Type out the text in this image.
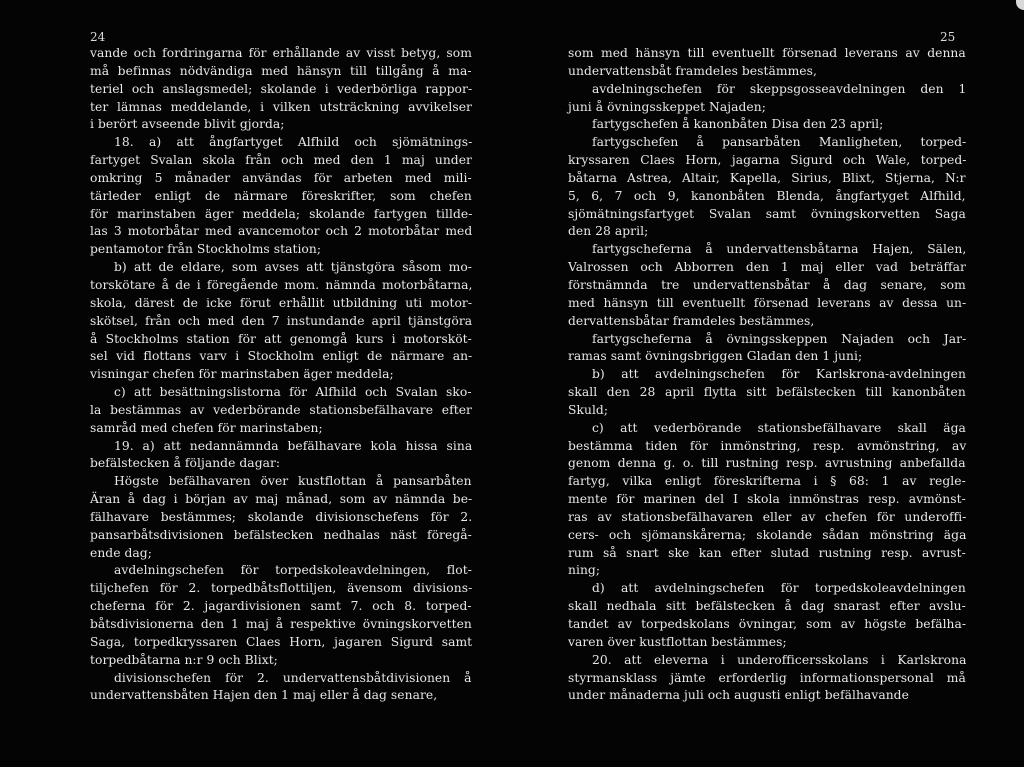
24
vande och fordringarna för erhållande av visst betyg, som
må befinnas nödvändiga med hänsyn till tillgång å ma-
teriel och anslagsmedel; skolande i vederbörliga rappor-
ter lämnas meddelande, i vilken utsträckning avvikelser
i berört avseende blivit gjorda;
18. a) att ångfartyget Alfhild och sjömätnings-
fartyget Svalan skola från och med den 1 maj under
omkring 5 månader användas för arbeten med mili-
tärleder enligt de närmare föreskrifter, som chefen
för marinstaben äger meddela; skolande fartygen tillde-
las 3 motorbåtar med avancemotor och 2 motorbåtar med
pentamotor från Stockholms station;
b) att de eldare, som avses att tjänstgöra såsom mo-
torskötare å de i föregående mom. nämnda motorbåtarna,
skola, därest de icke förut erhållit utbildning uti motor-
skötsel, från och med den 7 instundande april tjänstgöra
å Stockholms station för att genomgå kurs i motorsköt-
sel vid flottans varv i Stockholm enligt de närmare an-
visningar chefen för marinstaben äger meddela;
c) att besättningslistorna för Alfhild och Svalan sko-
la bestämmas av vederbörande stationsbefälhavare efter
samråd med chefen för marinstaben;
19. a) att nedannämnda befälhavare kola hissa sina
befälstecken å följande dagar:
Högste befälhavaren över kustflottan å pansarbåten
Äran å dag i början av maj månad, som av nämnda be-
fälhavare bestämmes; skolande divisionschefens för 2.
pansarbåtsdivisionen befälstecken nedhalas näst föregå-
ende dag;
avdelningschefen för torpedskoleavdelningen, flot-
tiljchefen för 2. torpedbåtsflottiljen, ävensom divisions-
cheferna för 2. jagardivisionen samt 7. och 8. torped-
båtsdivisionerna den 1 maj å respektive övningskorvetten
Saga, torpedkryssaren Claes Horn, jagaren Sigurd samt
torpedbåtarna n:r 9 och Blixt;
divisionschefen för 2. undervattensbåtdivisionen å
undervattensbåten Hajen den 1 maj eller å dag senare,
25
som med hänsyn till eventuellt försenad leverans av denna
undervattensbåt framdeles bestämmes,
avdelningschefen för skeppsgosseavdelningen den 1
juni å övningsskeppet Najaden;
fartygschefen å kanonbåten Disa den 23 april;
fartygschefen å pansarbåten Manligheten, torped-
kryssaren Claes Horn, jagarna Sigurd och Wale, torped-
båtarna Astrea, Altair, Kapella, Sirius, Blixt, Stjerna, N:r
5, 6, 7 och 9, kanonbåten Blenda, ångfartyget Alfhild,
sjömätningsfartyget Svalan samt övningskorvetten Saga
den 28 april;
fartygscheferna å undervattensbåtarna Hajen, Sälen,
Valrossen och Abborren den 1 maj eller vad beträffar
förstnämnda tre undervattensbåtar å dag senare, som
med hänsyn till eventuellt försenad leverans av dessa un-
dervattensbåtar framdeles bestämmes,
fartygscheferna å övningsskeppen Najaden och Jar-
ramas samt övningsbriggen Gladan den 1 juni;
b) att avdelningschefen för Karlskrona-avdelningen
skall den 28 april flytta sitt befälstecken till kanonbåten
Skuld;
c) att vederbörande stationsbefälhavare skall äga
bestämma tiden för inmönstring, resp. avmönstring, av
genom denna g. o. till rustning resp. avrustning anbefallda
fartyg, vilka enligt föreskrifterna i § 68: 1 av regle-
mente för marinen del I skola inmönstras resp. avmönst-
ras av stationsbefälhavaren eller av chefen för underoffi-
cers- och sjömanskårerna; skolande sådan mönstring äga
rum så snart ske kan efter slutad rustning resp. avrust-
ning;
d) att avdelningschefen för torpedskoleavdelningen
skall nedhala sitt befälstecken å dag snarast efter avslu-
tandet av torpedskolans övningar, som av högste befälha-
varen över kustflottan bestämmes;
20. att eleverna i underofficersskolans i Karlskrona
styrmansklass jämte erforderlig informationspersonal må
under månaderna juli och augusti enligt befälhavande
